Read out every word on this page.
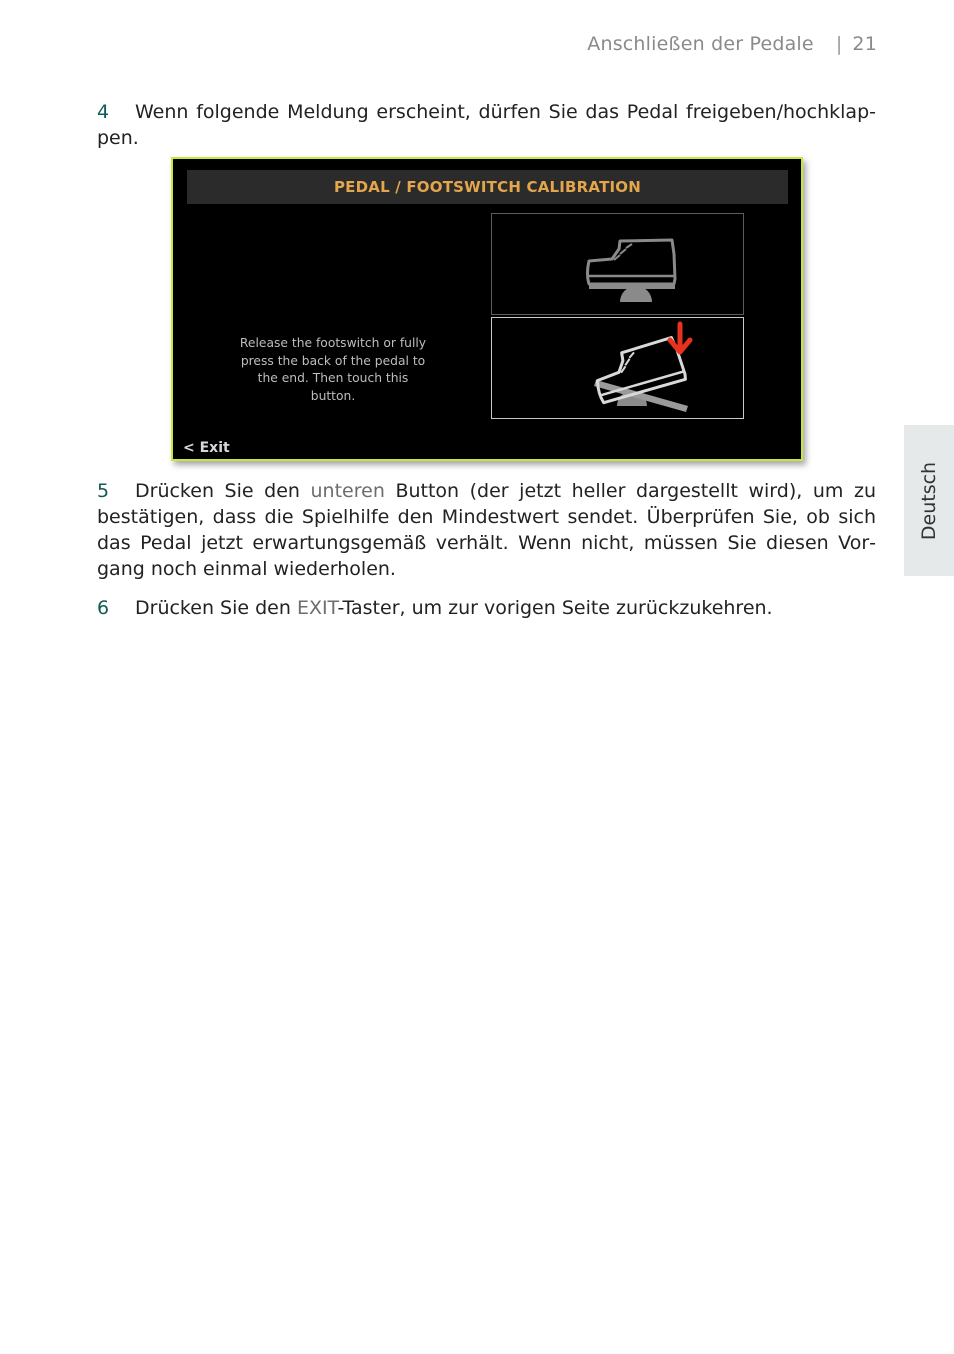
Anschließen der Pedale | 21
Deutsch
4 Wenn folgende Meldung erscheint, dürfen Sie das Pedal freigeben/hochklappen.
PEDAL / FOOTSWITCH CALIBRATION
Release the footswitch or fully press the back of the pedal to the end. Then touch this button.
< Exit
5 Drücken Sie den unteren Button (der jetzt heller dargestellt wird), um zu bestätigen, dass die Spielhilfe den Mindestwert sendet. Überprüfen Sie, ob sich das Pedal jetzt erwartungsgemäß verhält. Wenn nicht, müssen Sie diesen Vorgang noch einmal wiederholen.
6 Drücken Sie den EXIT-Taster, um zur vorigen Seite zurückzukehren.
